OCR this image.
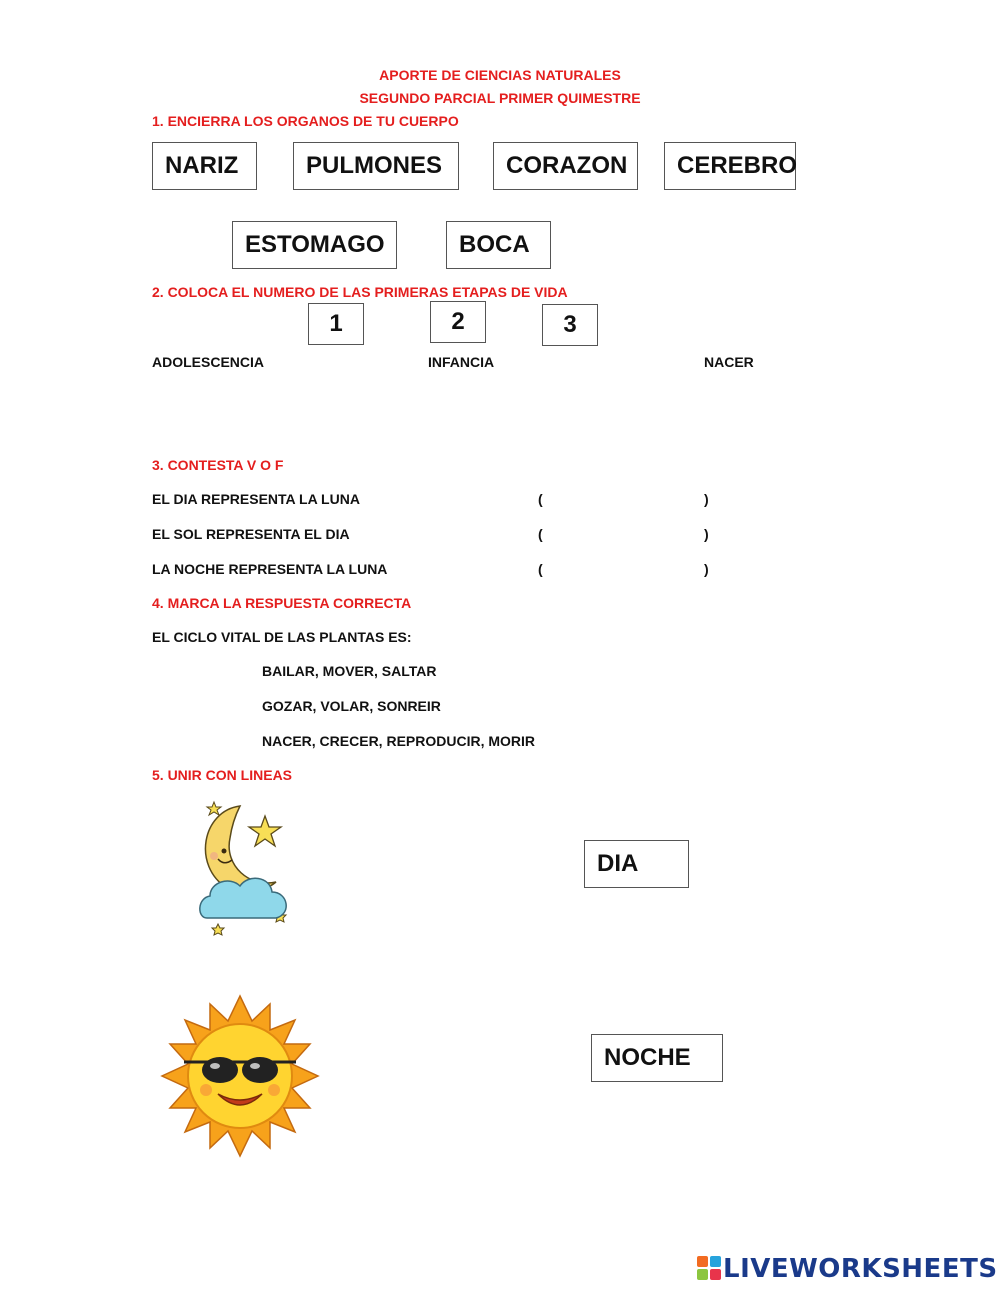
APORTE DE CIENCIAS NATURALES
SEGUNDO PARCIAL PRIMER QUIMESTRE
1. ENCIERRA LOS ORGANOS DE TU CUERPO
NARIZ	PULMONES	CORAZON	CEREBRO
ESTOMAGO	BOCA
2. COLOCA EL NUMERO DE LAS PRIMERAS ETAPAS DE VIDA
1	2	3
ADOLESCENCIA	INFANCIA	NACER
3. CONTESTA V O F
EL DIA REPRESENTA LA LUNA	(	)
EL SOL REPRESENTA EL DIA	(	)
LA NOCHE REPRESENTA LA LUNA	(	)
4. MARCA LA RESPUESTA CORRECTA
EL CICLO VITAL DE LAS PLANTAS ES:
BAILAR, MOVER, SALTAR
GOZAR, VOLAR, SONREIR
NACER, CRECER, REPRODUCIR, MORIR
5. UNIR CON LINEAS
DIA
NOCHE
LIVEWORKSHEETS
